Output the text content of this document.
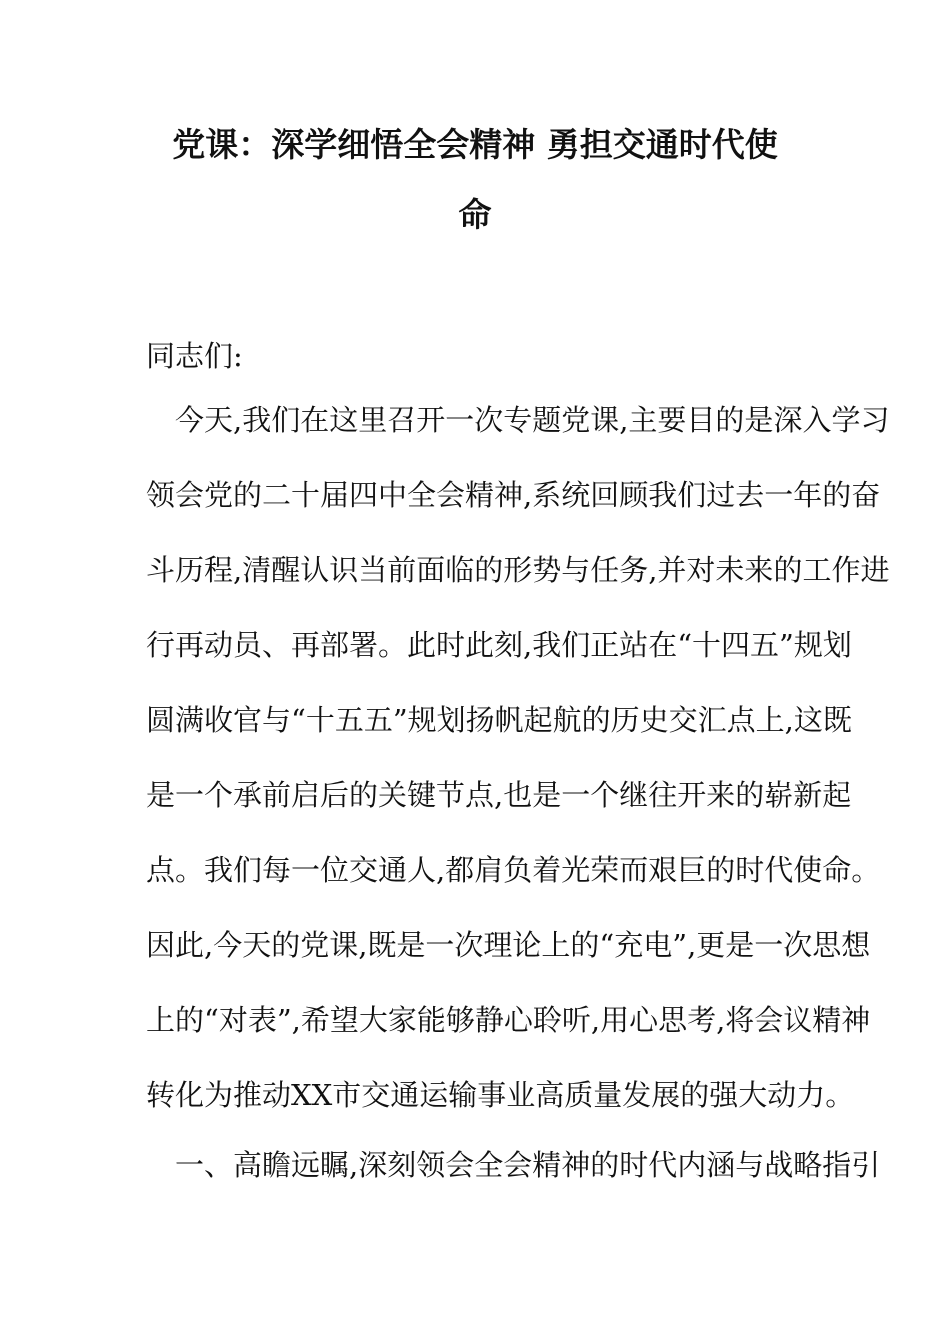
党课：深学细悟全会精神 勇担交通时代使
命
同志们:
　今天,我们在这里召开一次专题党课,主要目的是深入学习
领会党的二十届四中全会精神,系统回顾我们过去一年的奋
斗历程,清醒认识当前面临的形势与任务,并对未来的工作进
行再动员、再部署。此时此刻,我们正站在“十四五”规划
圆满收官与“十五五”规划扬帆起航的历史交汇点上,这既
是一个承前启后的关键节点,也是一个继往开来的崭新起
点。我们每一位交通人,都肩负着光荣而艰巨的时代使命。
因此,今天的党课,既是一次理论上的“充电”,更是一次思想
上的“对表”,希望大家能够静心聆听,用心思考,将会议精神
转化为推动XX市交通运输事业高质量发展的强大动力。
　一、高瞻远瞩,深刻领会全会精神的时代内涵与战略指引
